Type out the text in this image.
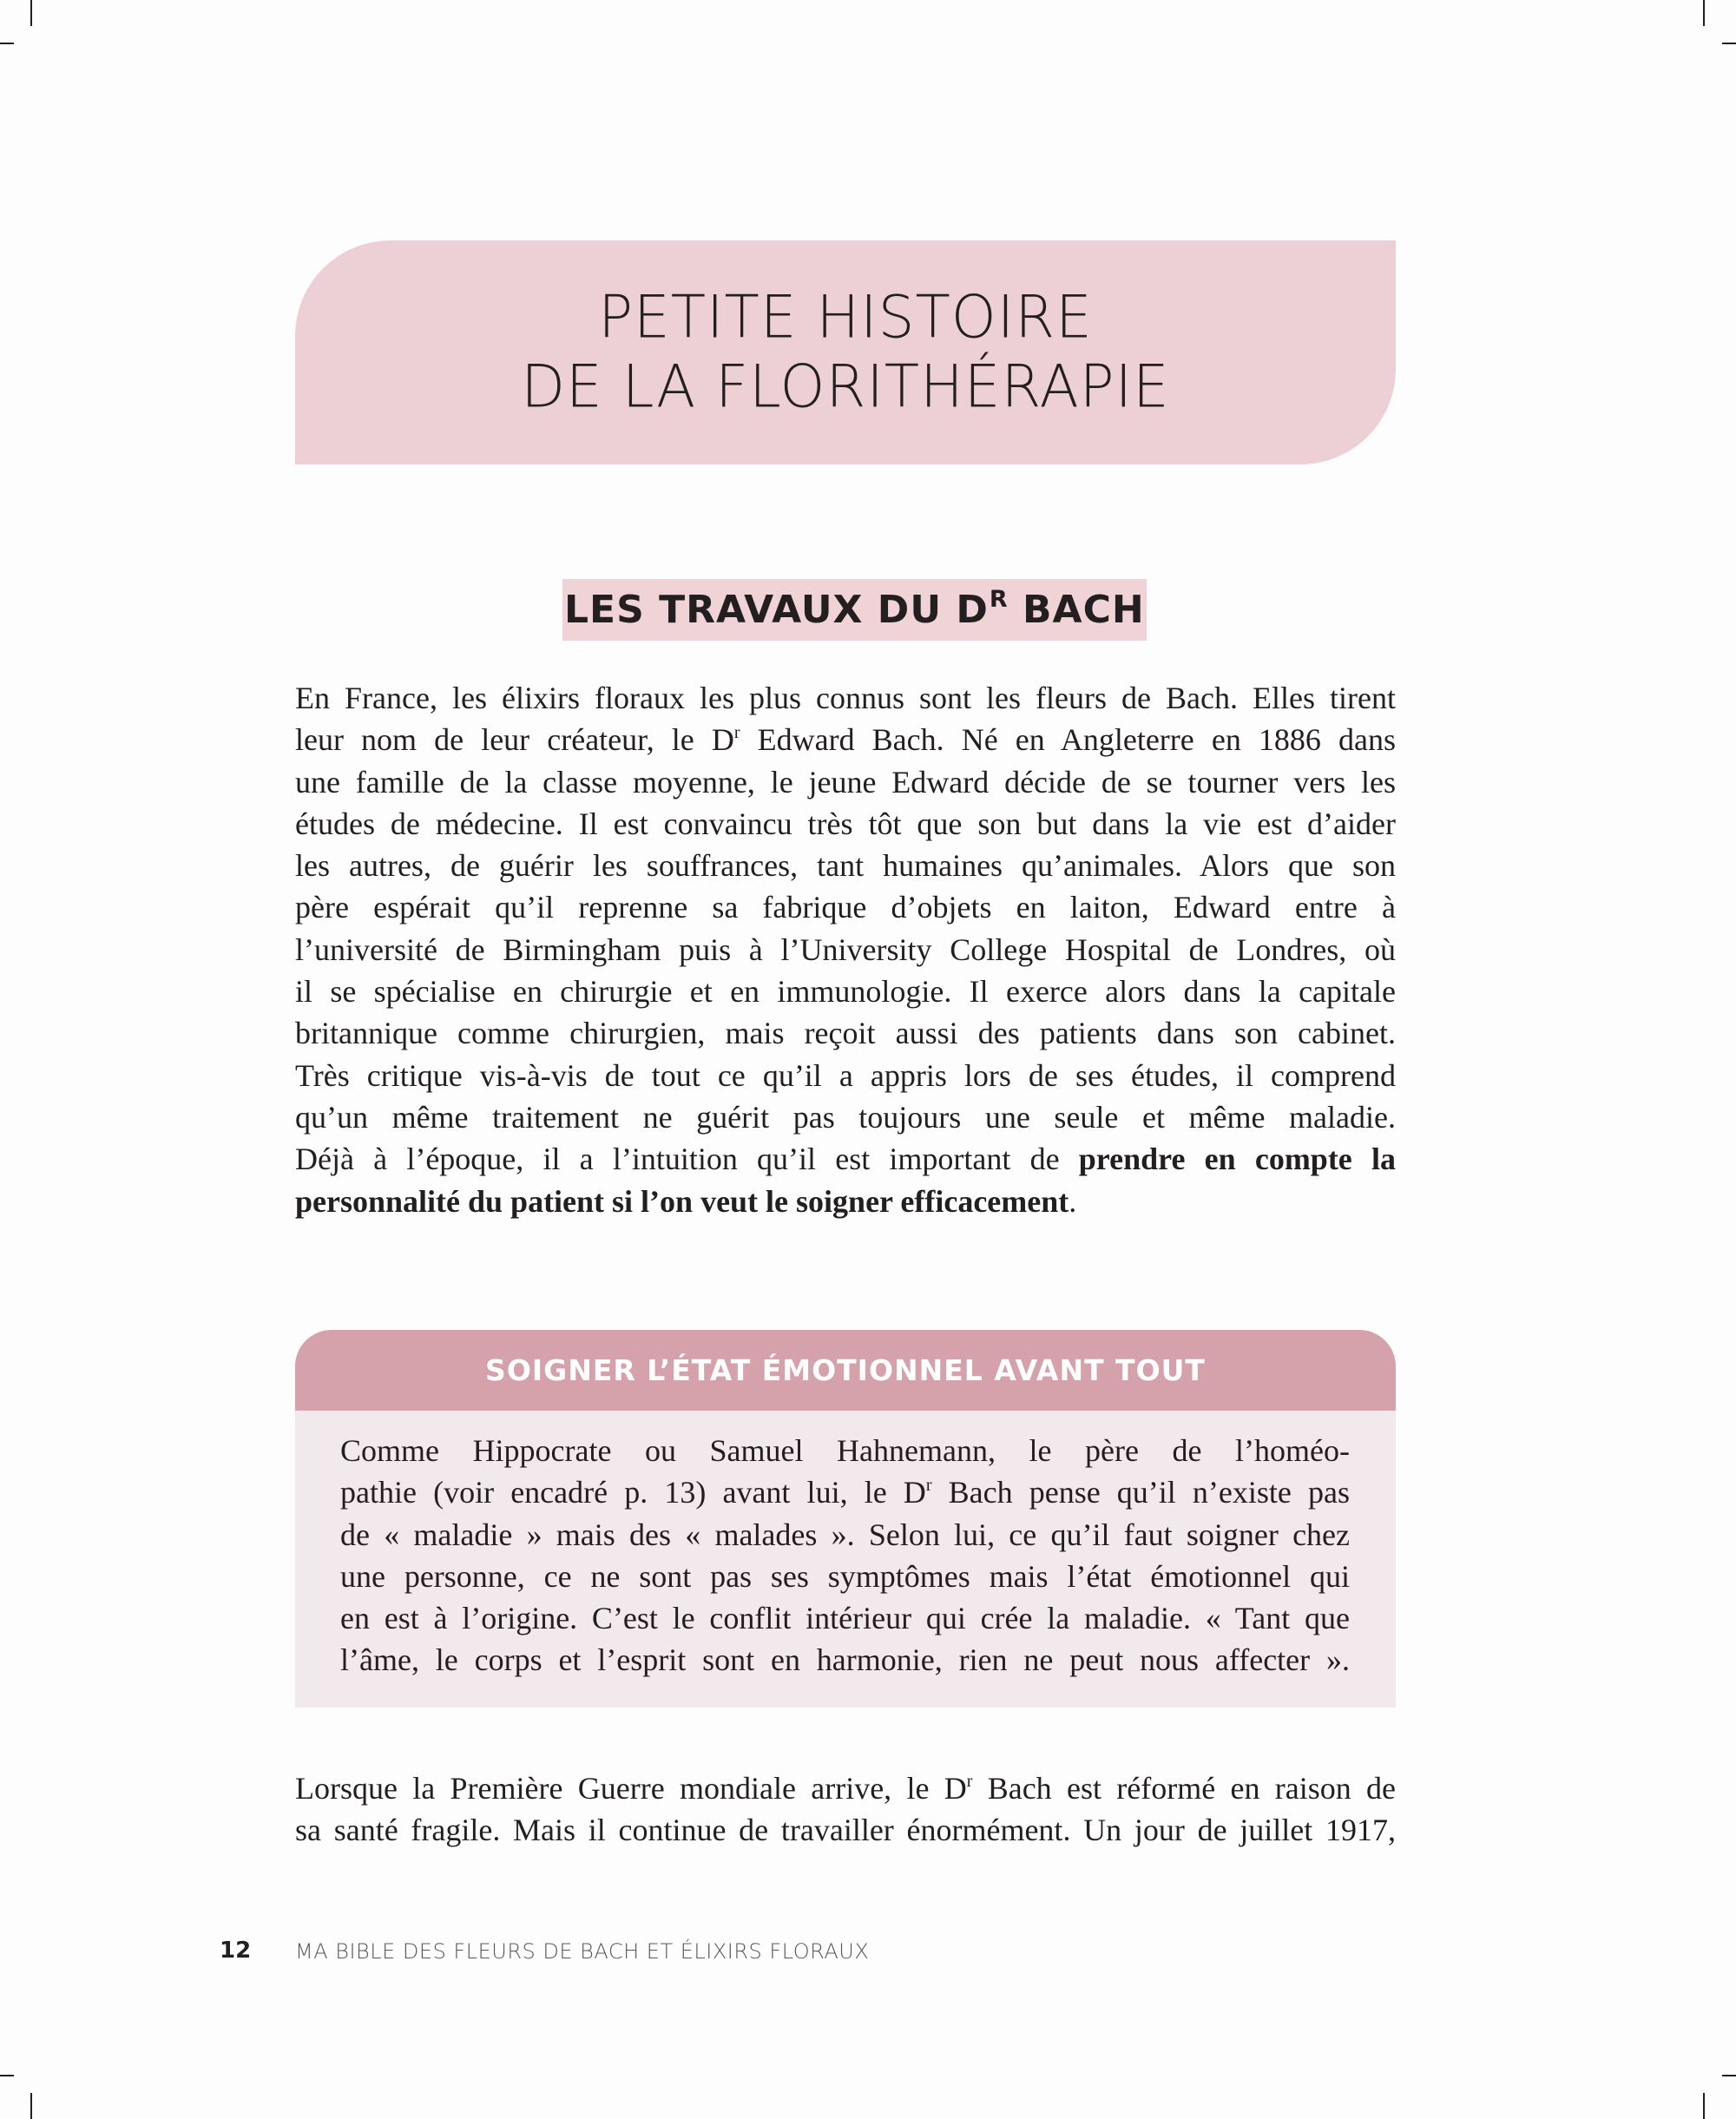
PETITE HISTOIRE
DE LA FLORITHÉRAPIE
LES TRAVAUX DU D R BACH
En France, les élixirs floraux les plus connus sont les fleurs de Bach. Elles tirent
leur nom de leur créateur, le $D^r$ Edward Bach. Né en Angleterre en 1886 dans
une famille de la classe moyenne, le jeune Edward décide de se tourner vers les
études de médecine. Il est convaincu très tôt que son but dans la vie est d’aider
les autres, de guérir les souffrances, tant humaines qu’animales. Alors que son
père espérait qu’il reprenne sa fabrique d’objets en laiton, Edward entre à
l’université de Birmingham puis à l’University College Hospital de Londres, où
il se spécialise en chirurgie et en immunologie. Il exerce alors dans la capitale
britannique comme chirurgien, mais reçoit aussi des patients dans son cabinet.
Très critique vis-à-vis de tout ce qu’il a appris lors de ses études, il comprend
qu’un même traitement ne guérit pas toujours une seule et même maladie.
Déjà à l’époque, il a l’intuition qu’il est important de prendre en compte la
personnalité du patient si l’on veut le soigner efficacement.
SOIGNER L’ÉTAT ÉMOTIONNEL AVANT TOUT
Comme Hippocrate ou Samuel Hahnemann, le père de l’homéo-
pathie (voir encadré p. 13) avant lui, le $D^r$ Bach pense qu’il n’existe pas
de « maladie » mais des « malades ». Selon lui, ce qu’il faut soigner chez
une personne, ce ne sont pas ses symptômes mais l’état émotionnel qui
en est à l’origine. C’est le conflit intérieur qui crée la maladie. « Tant que
l’âme, le corps et l’esprit sont en harmonie, rien ne peut nous affecter ».
Lorsque la Première Guerre mondiale arrive, le $D^r$ Bach est réformé en raison de
sa santé fragile. Mais il continue de travailler énormément. Un jour de juillet 1917,
12 MA BIBLE DES FLEURS DE BACH ET ÉLIXIRS FLORAUX
